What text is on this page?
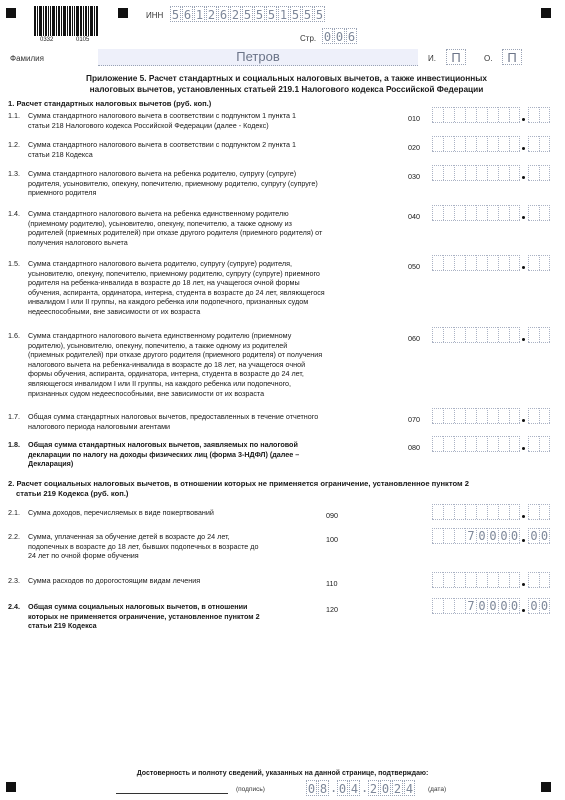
0332	0105
ИНН 5 6 1 2 6 2 5 5 5 1 5 5 5
Стр. 0 0 6
Фамилия	Петров	И.	П	О.	П
Приложение 5. Расчет стандартных и социальных налоговых вычетов, а также инвестиционных
налоговых вычетов, установленных статьей 219.1 Налогового кодекса Российской Федерации
1. Расчет стандартных налоговых вычетов (руб. коп.)
1.1. Сумма стандартного налогового вычета в соответствии с подпунктом 1 пункта 1
статьи 218 Налогового кодекса Российской Федерации (далее - Кодекс)
010
1.2. Сумма стандартного налогового вычета в соответствии с подпунктом 2 пункта 1
статьи 218 Кодекса
020
1.3. Сумма стандартного налогового вычета на ребенка родителю, супругу (супруге)
родителя, усыновителю, опекуну, попечителю, приемному родителю, супругу (супруге)
приемного родителя
030
1.4. Сумма стандартного налогового вычета на ребенка единственному родителю
(приемному родителю), усыновителю, опекуну, попечителю, а также одному из
родителей (приемных родителей) при отказе другого родителя (приемного родителя) от
получения налогового вычета
040
1.5. Сумма стандартного налогового вычета родителю, супругу (супруге) родителя,
усыновителю, опекуну, попечителю, приемному родителю, супругу (супруге) приемного
родителя на ребенка-инвалида в возрасте до 18 лет, на учащегося очной формы
обучения, аспиранта, ординатора, интерна, студента в возрасте до 24 лет, являющегося
инвалидом I или II группы, на каждого ребенка или подопечного, признанных судом
недееспособными, вне зависимости от их возраста
050
1.6. Сумма стандартного налогового вычета единственному родителю (приемному
родителю), усыновителю, опекуну, попечителю, а также одному из родителей
(приемных родителей) при отказе другого родителя (приемного родителя) от получения
налогового вычета на ребенка-инвалида в возрасте до 18 лет, на учащегося очной
формы обучения, аспиранта, ординатора, интерна, студента в возрасте до 24 лет,
являющегося инвалидом I или II группы, на каждого ребенка или подопечного,
признанных судом недееспособными, вне зависимости от их возраста
060
1.7. Общая сумма стандартных налоговых вычетов, предоставленных в течение отчетного
налогового периода налоговыми агентами
070
1.8. Общая сумма стандартных налоговых вычетов, заявляемых по налоговой
декларации по налогу на доходы физических лиц (форма 3-НДФЛ) (далее –
Декларация)
080
2. Расчет социальных налоговых вычетов, в отношении которых не применяется ограничение, установленное пунктом 2
статьи 219 Кодекса (руб. коп.)
2.1. Сумма доходов, перечисляемых в виде пожертвований	090
2.2. Сумма, уплаченная за обучение детей в возрасте до 24 лет,
подопечных в возрасте до 18 лет, бывших подопечных в возрасте до
24 лет по очной форме обучения
100	7 0 0 0 0 0 0
2.3. Сумма расходов по дорогостоящим видам лечения	110
2.4. Общая сумма социальных налоговых вычетов, в отношении
которых не применяется ограничение, установленное пунктом 2
статьи 219 Кодекса
120	7 0 0 0 0 0 0
Достоверность и полноту сведений, указанных на данной странице, подтверждаю:
(подпись)	0 8 . 0 4 . 2 0 2 4 (дата)
